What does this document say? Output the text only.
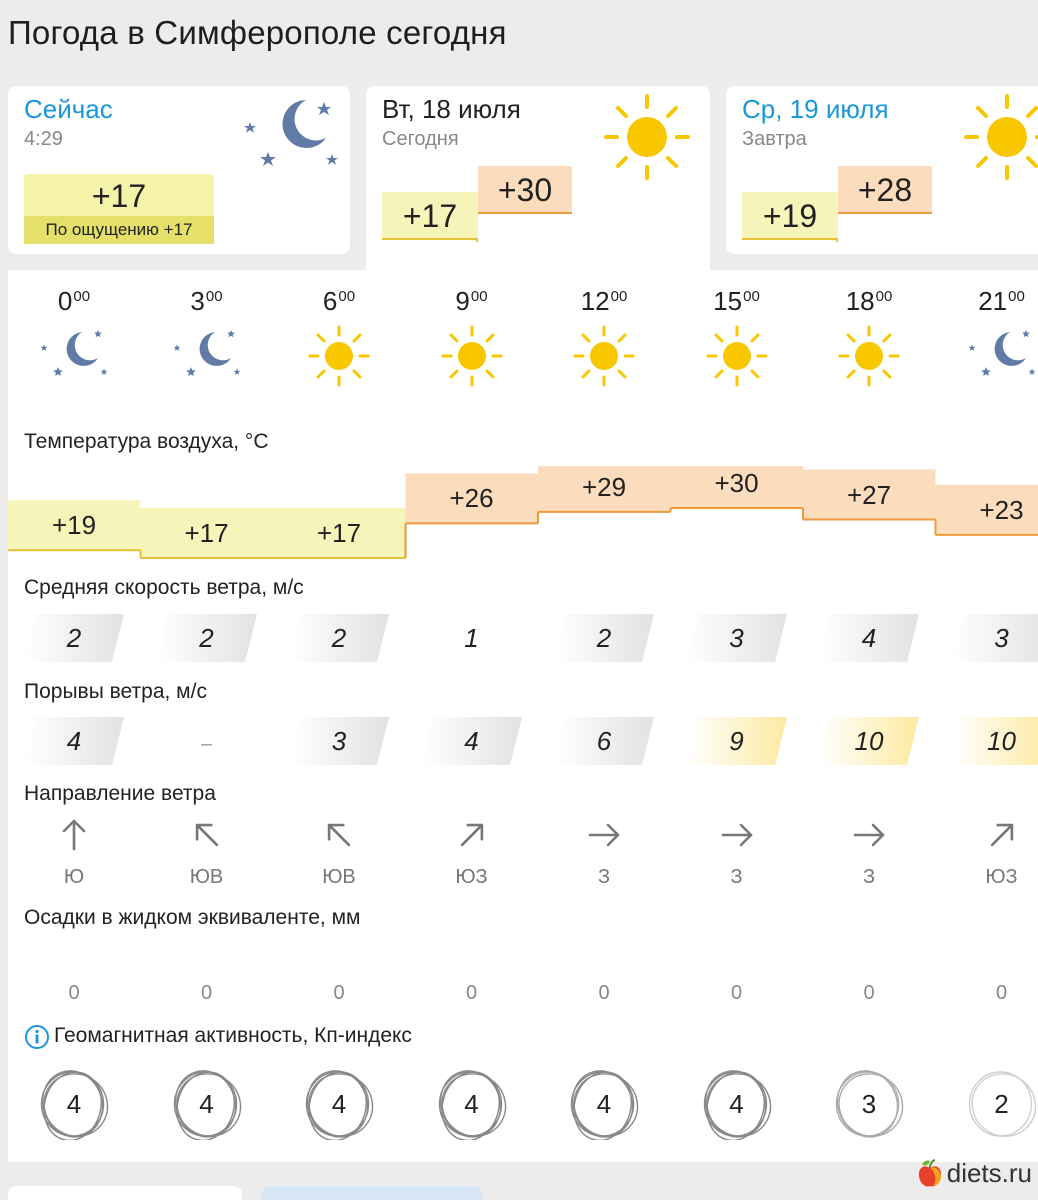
Погода в Симферополе сегодня
Сейчас
4:29
+17
По ощущению +17
Вт, 18 июля
Сегодня
+30
+17
Ср, 19 июля
Завтра
+28
+19
Температура воздуха, °C
Средняя скорость ветра, м/с
Порывы ветра, м/с
Направление ветра
Осадки в жидком эквиваленте, мм
Геомагнитная активность, Кп-индекс
$0^{00}$
+19
2
4
Ю
0
4
$3^{00}$
+17
2
–
ЮВ
0
4
$6^{00}$
+17
2
3
ЮВ
0
4
$9^{00}$
+26
1
4
ЮЗ
0
4
$12^{00}$
+29
2
6
З
0
4
$15^{00}$
+30
3
9
З
0
4
$18^{00}$
+27
4
10
З
0
3
$21^{00}$
+23
3
10
ЮЗ
0
2
diets.ru
